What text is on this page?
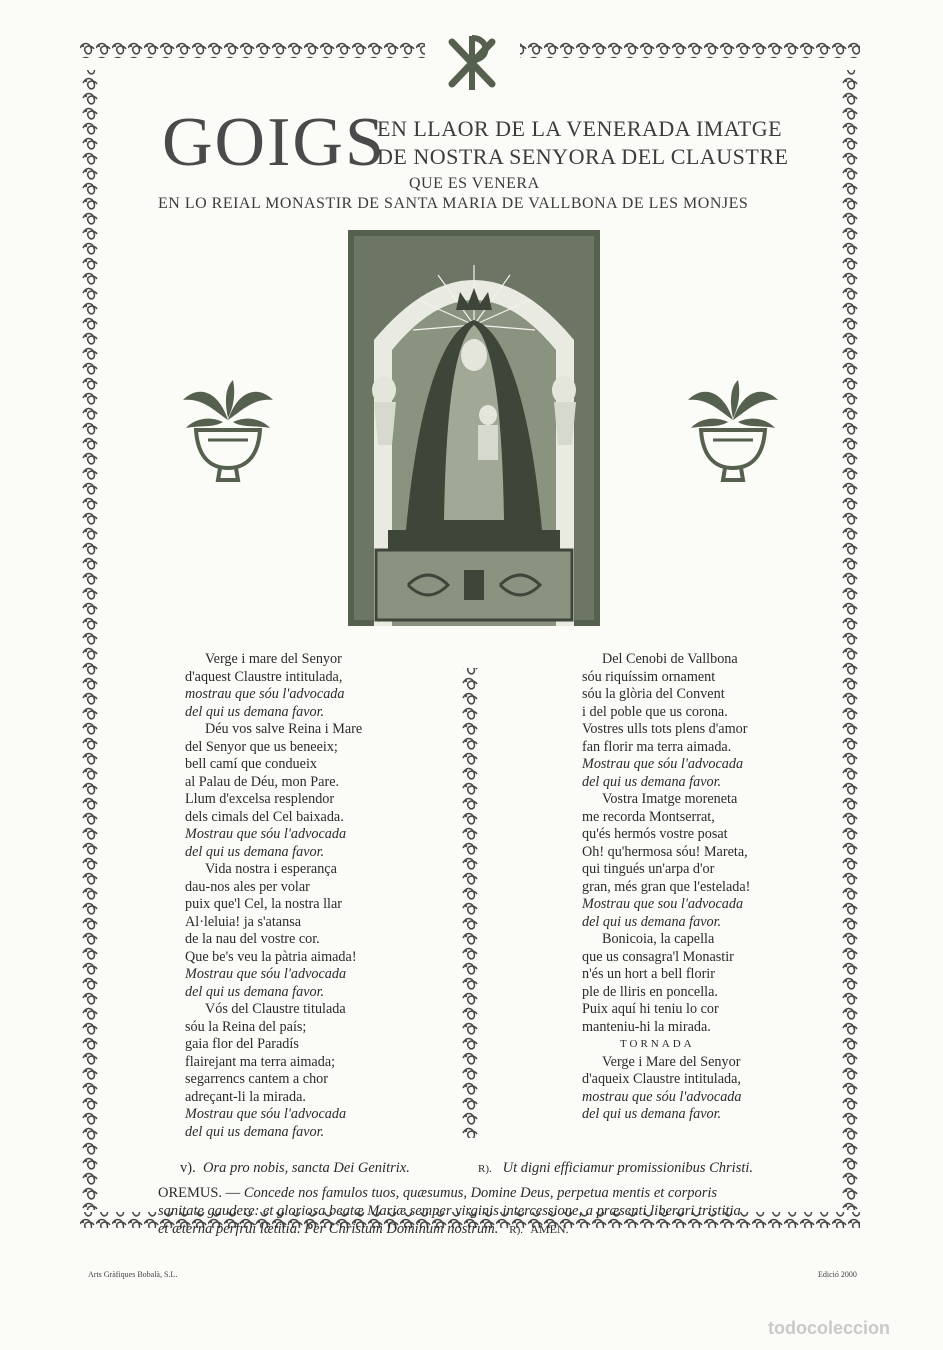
GOIGS
EN LLAOR DE LA VENERADA IMATGE
DE NOSTRA SENYORA DEL CLAUSTRE
QUE ES VENERA
EN LO REIAL MONASTIR DE SANTA MARIA DE VALLBONA DE LES MONJES
Verge i mare del Senyor
d'aquest Claustre intitulada,
mostrau que sóu l'advocada
del qui us demana favor.
Déu vos salve Reina i Mare
del Senyor que us beneeix;
bell camí que condueix
al Palau de Déu, mon Pare.
Llum d'excelsa resplendor
dels cimals del Cel baixada.
Mostrau que sóu l'advocada
del qui us demana favor.
Vida nostra i esperança
dau-nos ales per volar
puix que'l Cel, la nostra llar
Al·leluia! ja s'atansa
de la nau del vostre cor.
Que be's veu la pàtria aimada!
Mostrau que sóu l'advocada
del qui us demana favor.
Vós del Claustre titulada
sóu la Reina del país;
gaia flor del Paradís
flairejant ma terra aimada;
segarrencs cantem a chor
adreçant-li la mirada.
Mostrau que sóu l'advocada
del qui us demana favor.
Del Cenobi de Vallbona
sóu riquíssim ornament
sóu la glòria del Convent
i del poble que us corona.
Vostres ulls tots plens d'amor
fan florir ma terra aimada.
Mostrau que sóu l'advocada
del qui us demana favor.
Vostra Imatge moreneta
me recorda Montserrat,
qu'és hermós vostre posat
Oh! qu'hermosa sóu! Mareta,
qui tingués un'arpa d'or
gran, més gran que l'estelada!
Mostrau que sou l'advocada
del qui us demana favor.
Bonicoia, la capella
que us consagra'l Monastir
n'és un hort a bell florir
ple de lliris en poncella.
Puix aquí hi teniu lo cor
manteniu-hi la mirada.
TORNADA
Verge i Mare del Senyor
d'aqueix Claustre intitulada,
mostrau que sóu l'advocada
del qui us demana favor.
v). Ora pro nobis, sancta Dei Genitrix.	R). Ut digni efficiamur promissionibus Christi.
OREMUS. — Concede nos famulos tuos, quæsumus, Domine Deus, perpetua mentis et corporis
sanitate gaudere: et gloriosa beatæ Mariæ semper virginis intercessione, a præsenti liberari tristitia
et æterna perfrui lætitia. Per Christum Dominum nostrum. R). AMEN.
Arts Gràfiques Bobalà, S.L.	Edició 2000
todocoleccion
